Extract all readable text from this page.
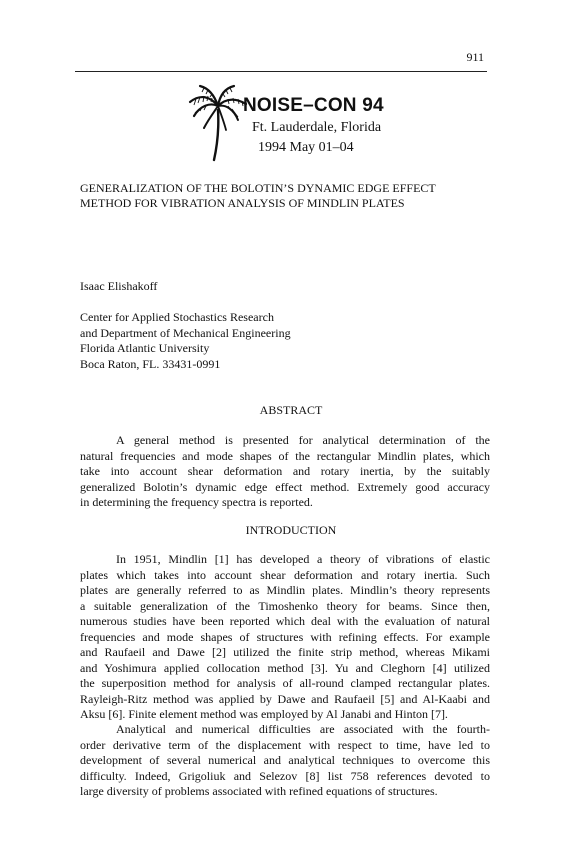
911
NOISE–CON 94
Ft. Lauderdale, Florida
1994 May 01–04
GENERALIZATION OF THE BOLOTIN’S DYNAMIC EDGE EFFECT
METHOD FOR VIBRATION ANALYSIS OF MINDLIN PLATES
Isaac Elishakoff
Center for Applied Stochastics Research
and Department of Mechanical Engineering
Florida Atlantic University
Boca Raton, FL. 33431-0991
ABSTRACT
A general method is presented for analytical determination of the
natural frequencies and mode shapes of the rectangular Mindlin plates, which
take into account shear deformation and rotary inertia, by the suitably
generalized Bolotin’s dynamic edge effect method. Extremely good accuracy
in determining the frequency spectra is reported.
INTRODUCTION
In 1951, Mindlin [1] has developed a theory of vibrations of elastic
plates which takes into account shear deformation and rotary inertia. Such
plates are generally referred to as Mindlin plates. Mindlin’s theory represents
a suitable generalization of the Timoshenko theory for beams. Since then,
numerous studies have been reported which deal with the evaluation of natural
frequencies and mode shapes of structures with refining effects. For example
and Raufaeil and Dawe [2] utilized the finite strip method, whereas Mikami
and Yoshimura applied collocation method [3]. Yu and Cleghorn [4] utilized
the superposition method for analysis of all-round clamped rectangular plates.
Rayleigh-Ritz method was applied by Dawe and Raufaeil [5] and Al-Kaabi and
Aksu [6]. Finite element method was employed by Al Janabi and Hinton [7].
Analytical and numerical difficulties are associated with the fourth-
order derivative term of the displacement with respect to time, have led to
development of several numerical and analytical techniques to overcome this
difficulty. Indeed, Grigoliuk and Selezov [8] list 758 references devoted to
large diversity of problems associated with refined equations of structures.
